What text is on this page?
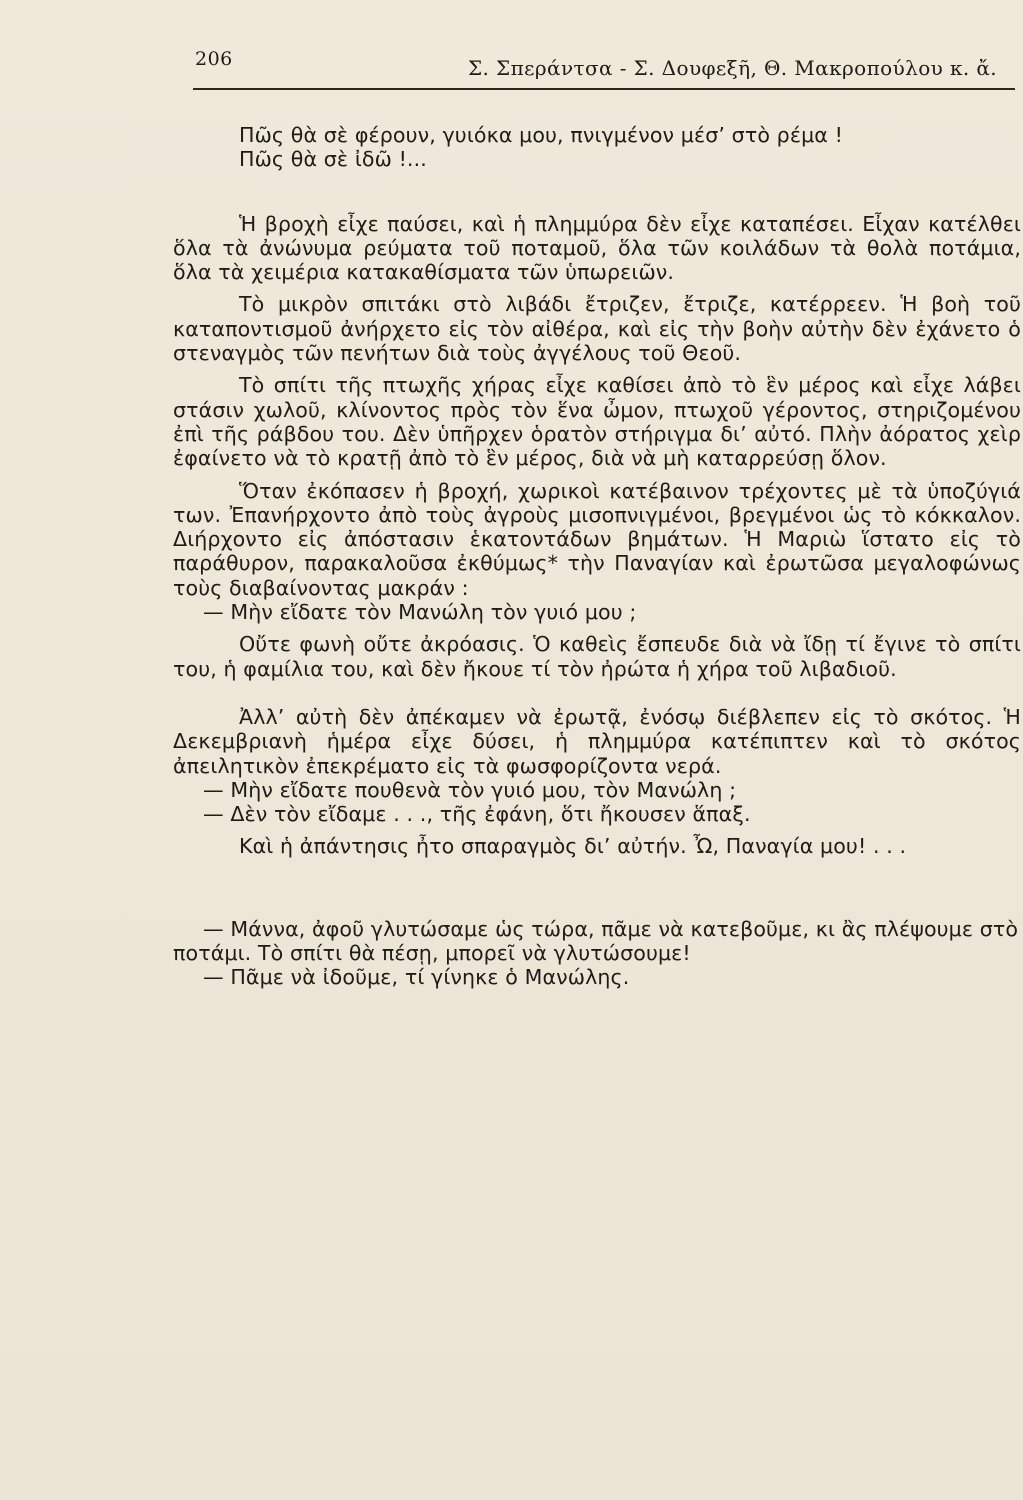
206	Σ. Σπεράντσα - Σ. Δουφεξῆ, Θ. Μακροπούλου κ. ἄ.

Πῶς θὰ σὲ φέρουν, γυιόκα μου, πνιγμένον μέσ’ στὸ ρέμα !

Πῶς θὰ σὲ ἰδῶ !...

Ἡ βροχὴ εἶχε παύσει, καὶ ἡ πλημμύρα δὲν εἶχε καταπέσει. Εἶχαν κατέλθει ὅλα τὰ ἀνώνυμα ρεύματα τοῦ ποταμοῦ, ὅλα τῶν κοιλάδων τὰ θολὰ ποτάμια, ὅλα τὰ χειμέρια κατακαθίσματα τῶν ὑπωρειῶν.

Τὸ μικρὸν σπιτάκι στὸ λιβάδι ἔτριζεν, ἔτριζε, κατέρρεεν. Ἡ βοὴ τοῦ καταποντισμοῦ ἀνήρχετο εἰς τὸν αἰθέρα, καὶ εἰς τὴν βοὴν αὐτὴν δὲν ἐχάνετο ὁ στεναγμὸς τῶν πενήτων διὰ τοὺς ἀγγέλους τοῦ Θεοῦ.

Τὸ σπίτι τῆς πτωχῆς χήρας εἶχε καθίσει ἀπὸ τὸ ἓν μέρος καὶ εἶχε λάβει στάσιν χωλοῦ, κλίνοντος πρὸς τὸν ἕνα ὦμον, πτωχοῦ γέροντος, στηριζομένου ἐπὶ τῆς ράβδου του. Δὲν ὑπῆρχεν ὁρατὸν στήριγμα δι’ αὐτό. Πλὴν ἀόρατος χεὶρ ἐφαίνετο νὰ τὸ κρατῇ ἀπὸ τὸ ἓν μέρος, διὰ νὰ μὴ καταρρεύσῃ ὅλον.

Ὅταν ἐκόπασεν ἡ βροχή, χωρικοὶ κατέβαινον τρέχοντες μὲ τὰ ὑποζύγιά των. Ἐπανήρχοντο ἀπὸ τοὺς ἀγροὺς μισοπνιγμένοι, βρεγμένοι ὡς τὸ κόκκαλον. Διήρχοντο εἰς ἀπόστασιν ἑκατοντάδων βημάτων. Ἡ Μαριὼ ἵστατο εἰς τὸ παράθυρον, παρακαλοῦσα ἐκθύμως* τὴν Παναγίαν καὶ ἐρωτῶσα μεγαλοφώνως τοὺς διαβαίνοντας μακράν :

— Μὴν εἴδατε τὸν Μανώλη τὸν γυιό μου ;

Οὔτε φωνὴ οὔτε ἀκρόασις. Ὁ καθεὶς ἔσπευδε διὰ νὰ ἴδῃ τί ἔγινε τὸ σπίτι του, ἡ φαμίλια του, καὶ δὲν ἤκουε τί τὸν ἠρώτα ἡ χήρα τοῦ λιβαδιοῦ.

Ἀλλ’ αὐτὴ δὲν ἀπέκαμεν νὰ ἐρωτᾷ, ἐνόσῳ διέβλεπεν εἰς τὸ σκότος. Ἡ Δεκεμβριανὴ ἡμέρα εἶχε δύσει, ἡ πλημμύρα κατέπιπτεν καὶ τὸ σκότος ἀπειλητικὸν ἐπεκρέματο εἰς τὰ φωσφορίζοντα νερά.

— Μὴν εἴδατε πουθενὰ τὸν γυιό μου, τὸν Μανώλη ;

— Δὲν τὸν εἴδαμε . . ., τῆς ἐφάνη, ὅτι ἤκουσεν ἅπαξ.

Καὶ ἡ ἀπάντησις ἦτο σπαραγμὸς δι’ αὐτήν. Ὦ, Παναγία μου! . . .

— Μάννα, ἀφοῦ γλυτώσαμε ὡς τώρα, πᾶμε νὰ κατεβοῦμε, κι ἂς πλέψουμε στὸ ποτάμι. Τὸ σπίτι θὰ πέσῃ, μπορεῖ νὰ γλυτώσουμε!

— Πᾶμε νὰ ἰδοῦμε, τί γίνηκε ὁ Μανώλης.
